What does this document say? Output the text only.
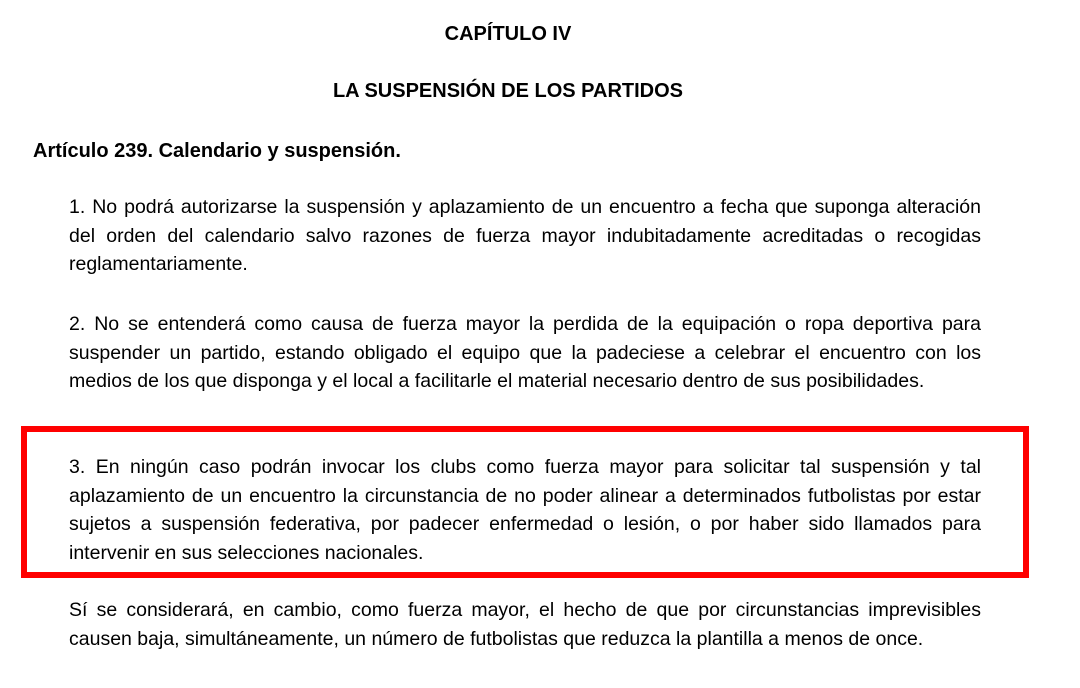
CAPÍTULO IV
LA SUSPENSIÓN DE LOS PARTIDOS
Artículo 239. Calendario y suspensión.

1. No podrá autorizarse la suspensión y aplazamiento de un encuentro a fecha que suponga alteración del orden del calendario salvo razones de fuerza mayor indubitadamente acreditadas o recogidas reglamentariamente.

2. No se entenderá como causa de fuerza mayor la perdida de la equipación o ropa deportiva para suspender un partido, estando obligado el equipo que la padeciese a celebrar el encuentro con los medios de los que disponga y el local a facilitarle el material necesario dentro de sus posibilidades.

3. En ningún caso podrán invocar los clubs como fuerza mayor para solicitar tal suspensión y tal aplazamiento de un encuentro la circunstancia de no poder alinear a determinados futbolistas por estar sujetos a suspensión federativa, por padecer enfermedad o lesión, o por haber sido llamados para intervenir en sus selecciones nacionales.

Sí se considerará, en cambio, como fuerza mayor, el hecho de que por circunstancias imprevisibles causen baja, simultáneamente, un número de futbolistas que reduzca la plantilla a menos de once.
